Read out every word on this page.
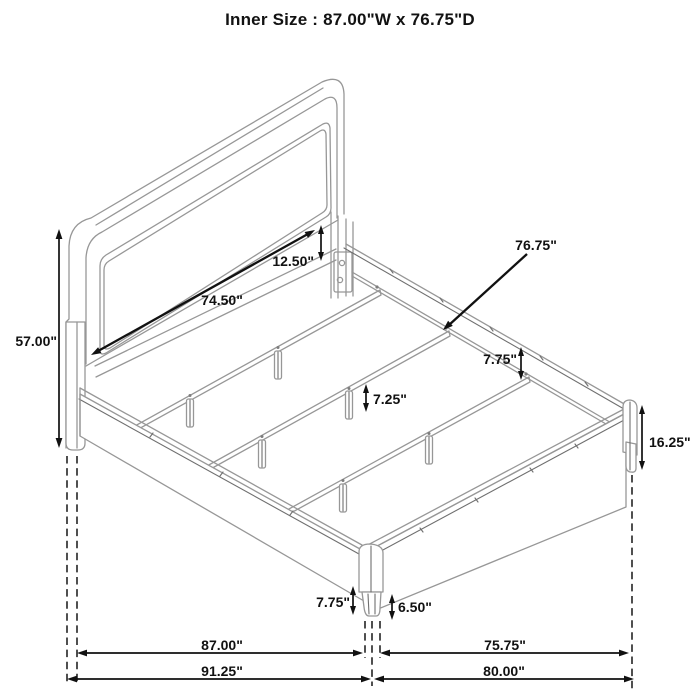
Inner Size : 87.00"W x 76.75"D
57.00"
74.50"
12.50"
76.75"
7.75"
7.25"
16.25"
7.75"	6.50"
87.00"	75.75"
91.25"	80.00"
